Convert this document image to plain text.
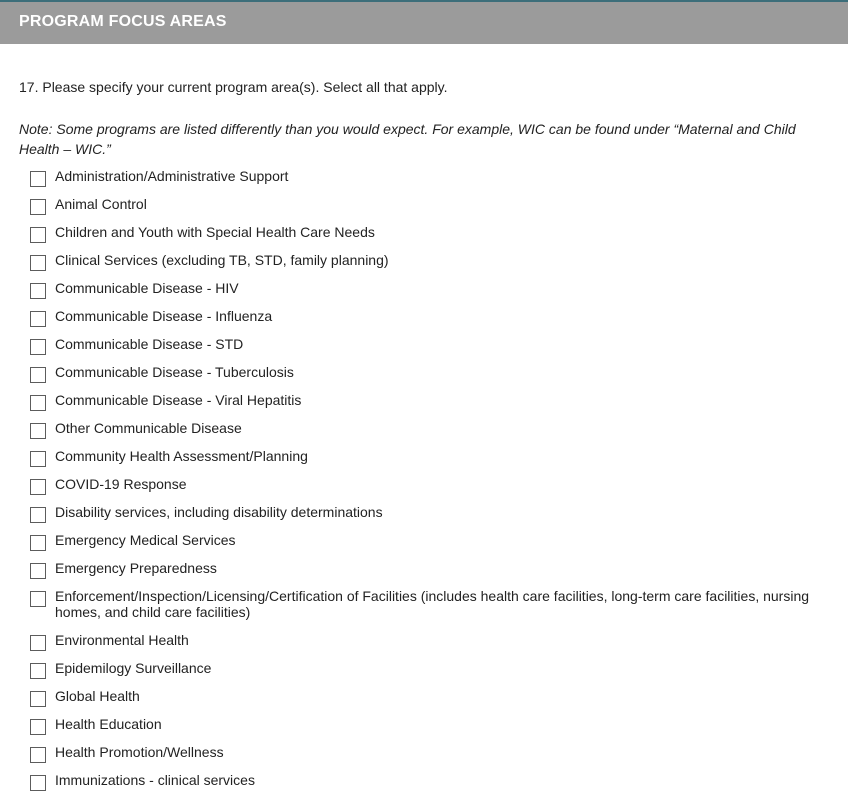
PROGRAM FOCUS AREAS
17. Please specify your current program area(s). Select all that apply.
Note: Some programs are listed differently than you would expect. For example, WIC can be found under “Maternal and Child Health – WIC.”
Administration/Administrative Support
Animal Control
Children and Youth with Special Health Care Needs
Clinical Services (excluding TB, STD, family planning)
Communicable Disease - HIV
Communicable Disease - Influenza
Communicable Disease - STD
Communicable Disease - Tuberculosis
Communicable Disease - Viral Hepatitis
Other Communicable Disease
Community Health Assessment/Planning
COVID-19 Response
Disability services, including disability determinations
Emergency Medical Services
Emergency Preparedness
Enforcement/Inspection/Licensing/Certification of Facilities (includes health care facilities, long-term care facilities, nursing homes, and child care facilities)
Environmental Health
Epidemilogy Surveillance
Global Health
Health Education
Health Promotion/Wellness
Immunizations - clinical services
